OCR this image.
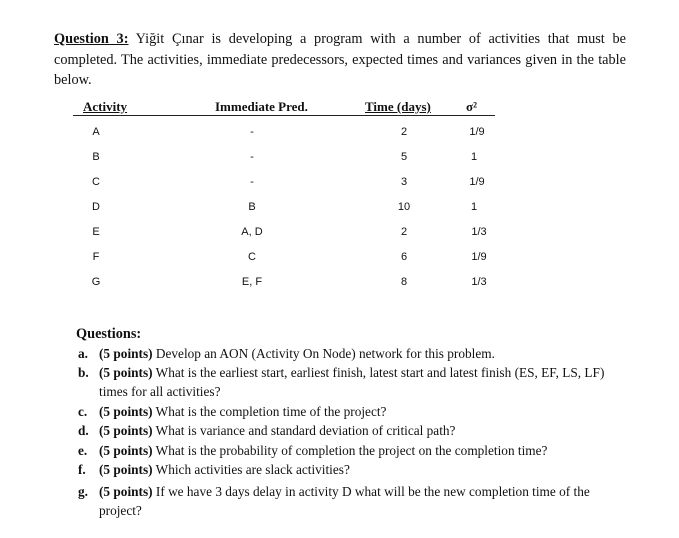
Question 3: Yiğit Çınar is developing a program with a number of activities that must be completed. The activities, immediate predecessors, expected times and variances given in the table below.
Activity	Immediate Pred.	Time (days)	σ²
A	-	2	1/9
B	-	5	1
C	-	3	1/9
D	B	10	1
E	A, D	2	1/3
F	C	6	1/9
G	E, F	8	1/3
Questions:
a. (5 points) Develop an AON (Activity On Node) network for this problem.
b. (5 points) What is the earliest start, earliest finish, latest start and latest finish (ES, EF, LS, LF) times for all activities?
c. (5 points) What is the completion time of the project?
d. (5 points) What is variance and standard deviation of critical path?
e. (5 points) What is the probability of completion the project on the completion time?
f. (5 points) Which activities are slack activities?
g. (5 points) If we have 3 days delay in activity D what will be the new completion time of the project?
